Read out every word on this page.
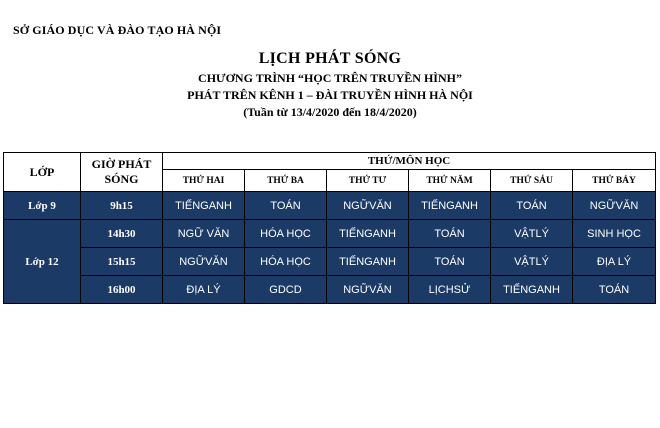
SỞ GIÁO DỤC VÀ ĐÀO TẠO HÀ NỘI
LỊCH PHÁT SÓNG
CHƯƠNG TRÌNH “HỌC TRÊN TRUYỀN HÌNH”
PHÁT TRÊN KÊNH 1 – ĐÀI TRUYỀN HÌNH HÀ NỘI
(Tuần từ 13/4/2020 đến 18/4/2020)
LỚP	GIỜ PHÁT SÓNG	THỨ/MÔN HỌC					
		THỨ HAI	THỨ BA	THỨ TƯ	THỨ NĂM	THỨ SÁU	THỨ BẢY
Lớp 9	9h15	TIẾNGANH	TOÁN	NGỮVĂN	TIẾNGANH	TOÁN	NGỮVĂN
Lớp 12	14h30	NGỮ VĂN	HÓA HỌC	TIẾNGANH	TOÁN	VẬTLÝ	SINH HỌC
	15h15	NGỮVĂN	HÓA HỌC	TIẾNGANH	TOÁN	VẬTLÝ	ĐỊA LÝ
	16h00	ĐỊA LÝ	GDCD	NGỮVĂN	LỊCHSỬ	TIẾNGANH	TOÁN
